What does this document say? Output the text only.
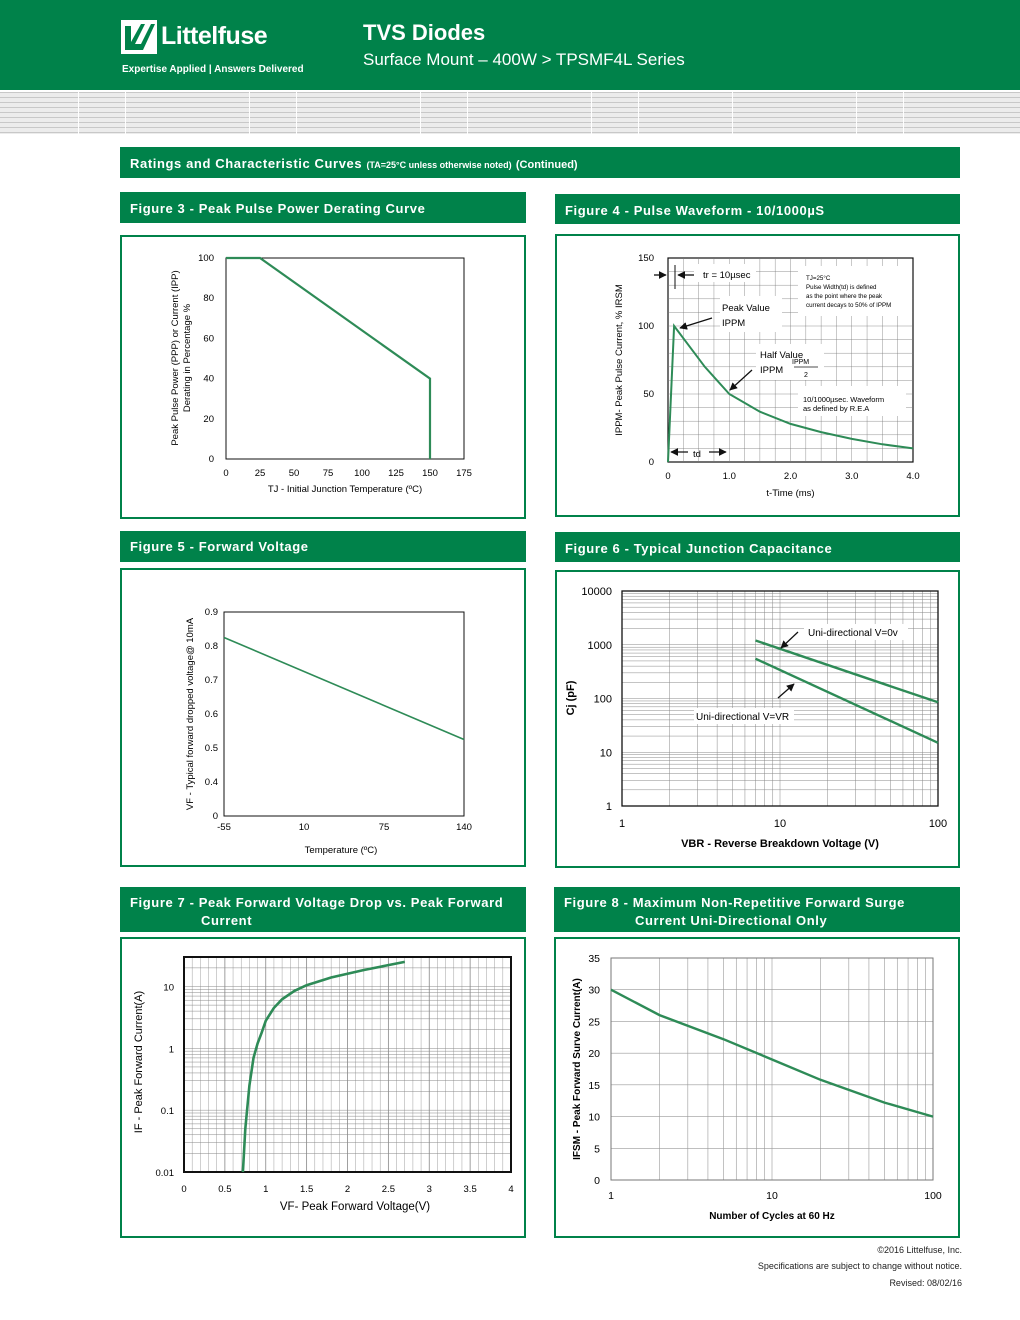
Littelfuse
Expertise Applied | Answers Delivered
TVS Diodes
Surface Mount – 400W > TPSMF4L Series
Ratings and Characteristic Curves (TA=25°C unless otherwise noted) (Continued)
Figure 3 - Peak Pulse Power Derating Curve	Figure 4 - Pulse Waveform - 10/1000µS
Figure 5 - Forward Voltage	Figure 6 - Typical Junction Capacitance
Figure 7 - Peak Forward Voltage Drop vs. Peak Forward
Current
Figure 8 - Maximum Non-Repetitive Forward Surge
Current Uni-Directional Only
0	25 50 75 100 125 150 175
0
20
40
60
80
100
TJ - Initial Junction Temperature (ºC)
Peak Pulse Power (PPP) or Current (IPP) Derating in Percentage %
0	1.0	2.0	3.0	4.0
0
50
100
150
tr = 10µsec
Peak Value
IPPM
Half Value
IPPM
IPPM
2
td
TJ=25°C
Pulse Width(td) is defined
as the point where the peak
current decays to 50% of IPPM
10/1000µsec. Waveform
as defined by R.E.A
t-Time (ms)
IPPM- Peak Pulse Current, % IRSM
0
0.4
0.5
0.6
0.7
0.8
0.9
-55	10	75	140
Temperature (ºC)
VF - Typical forward dropped voltage@ 10mA
1	10	100
1
10
100
1000
10000
Uni-directional V=0v
Uni-directional V=VR
VBR - Reverse Breakdown Voltage (V)
Cj (pF)
0	0.5	1	1.5	2	2.5	3	3.5	4
0.01
0.1
1
10
VF- Peak Forward Voltage(V)
IF - Peak Forward Current(A)
1	10	100
0
5
10
15
20
25
30
35
Number of Cycles at 60 Hz
IFSM - Peak Forward Surve Current(A)
©2016 Littelfuse, Inc.
Specifications are subject to change without notice.
Revised: 08/02/16
